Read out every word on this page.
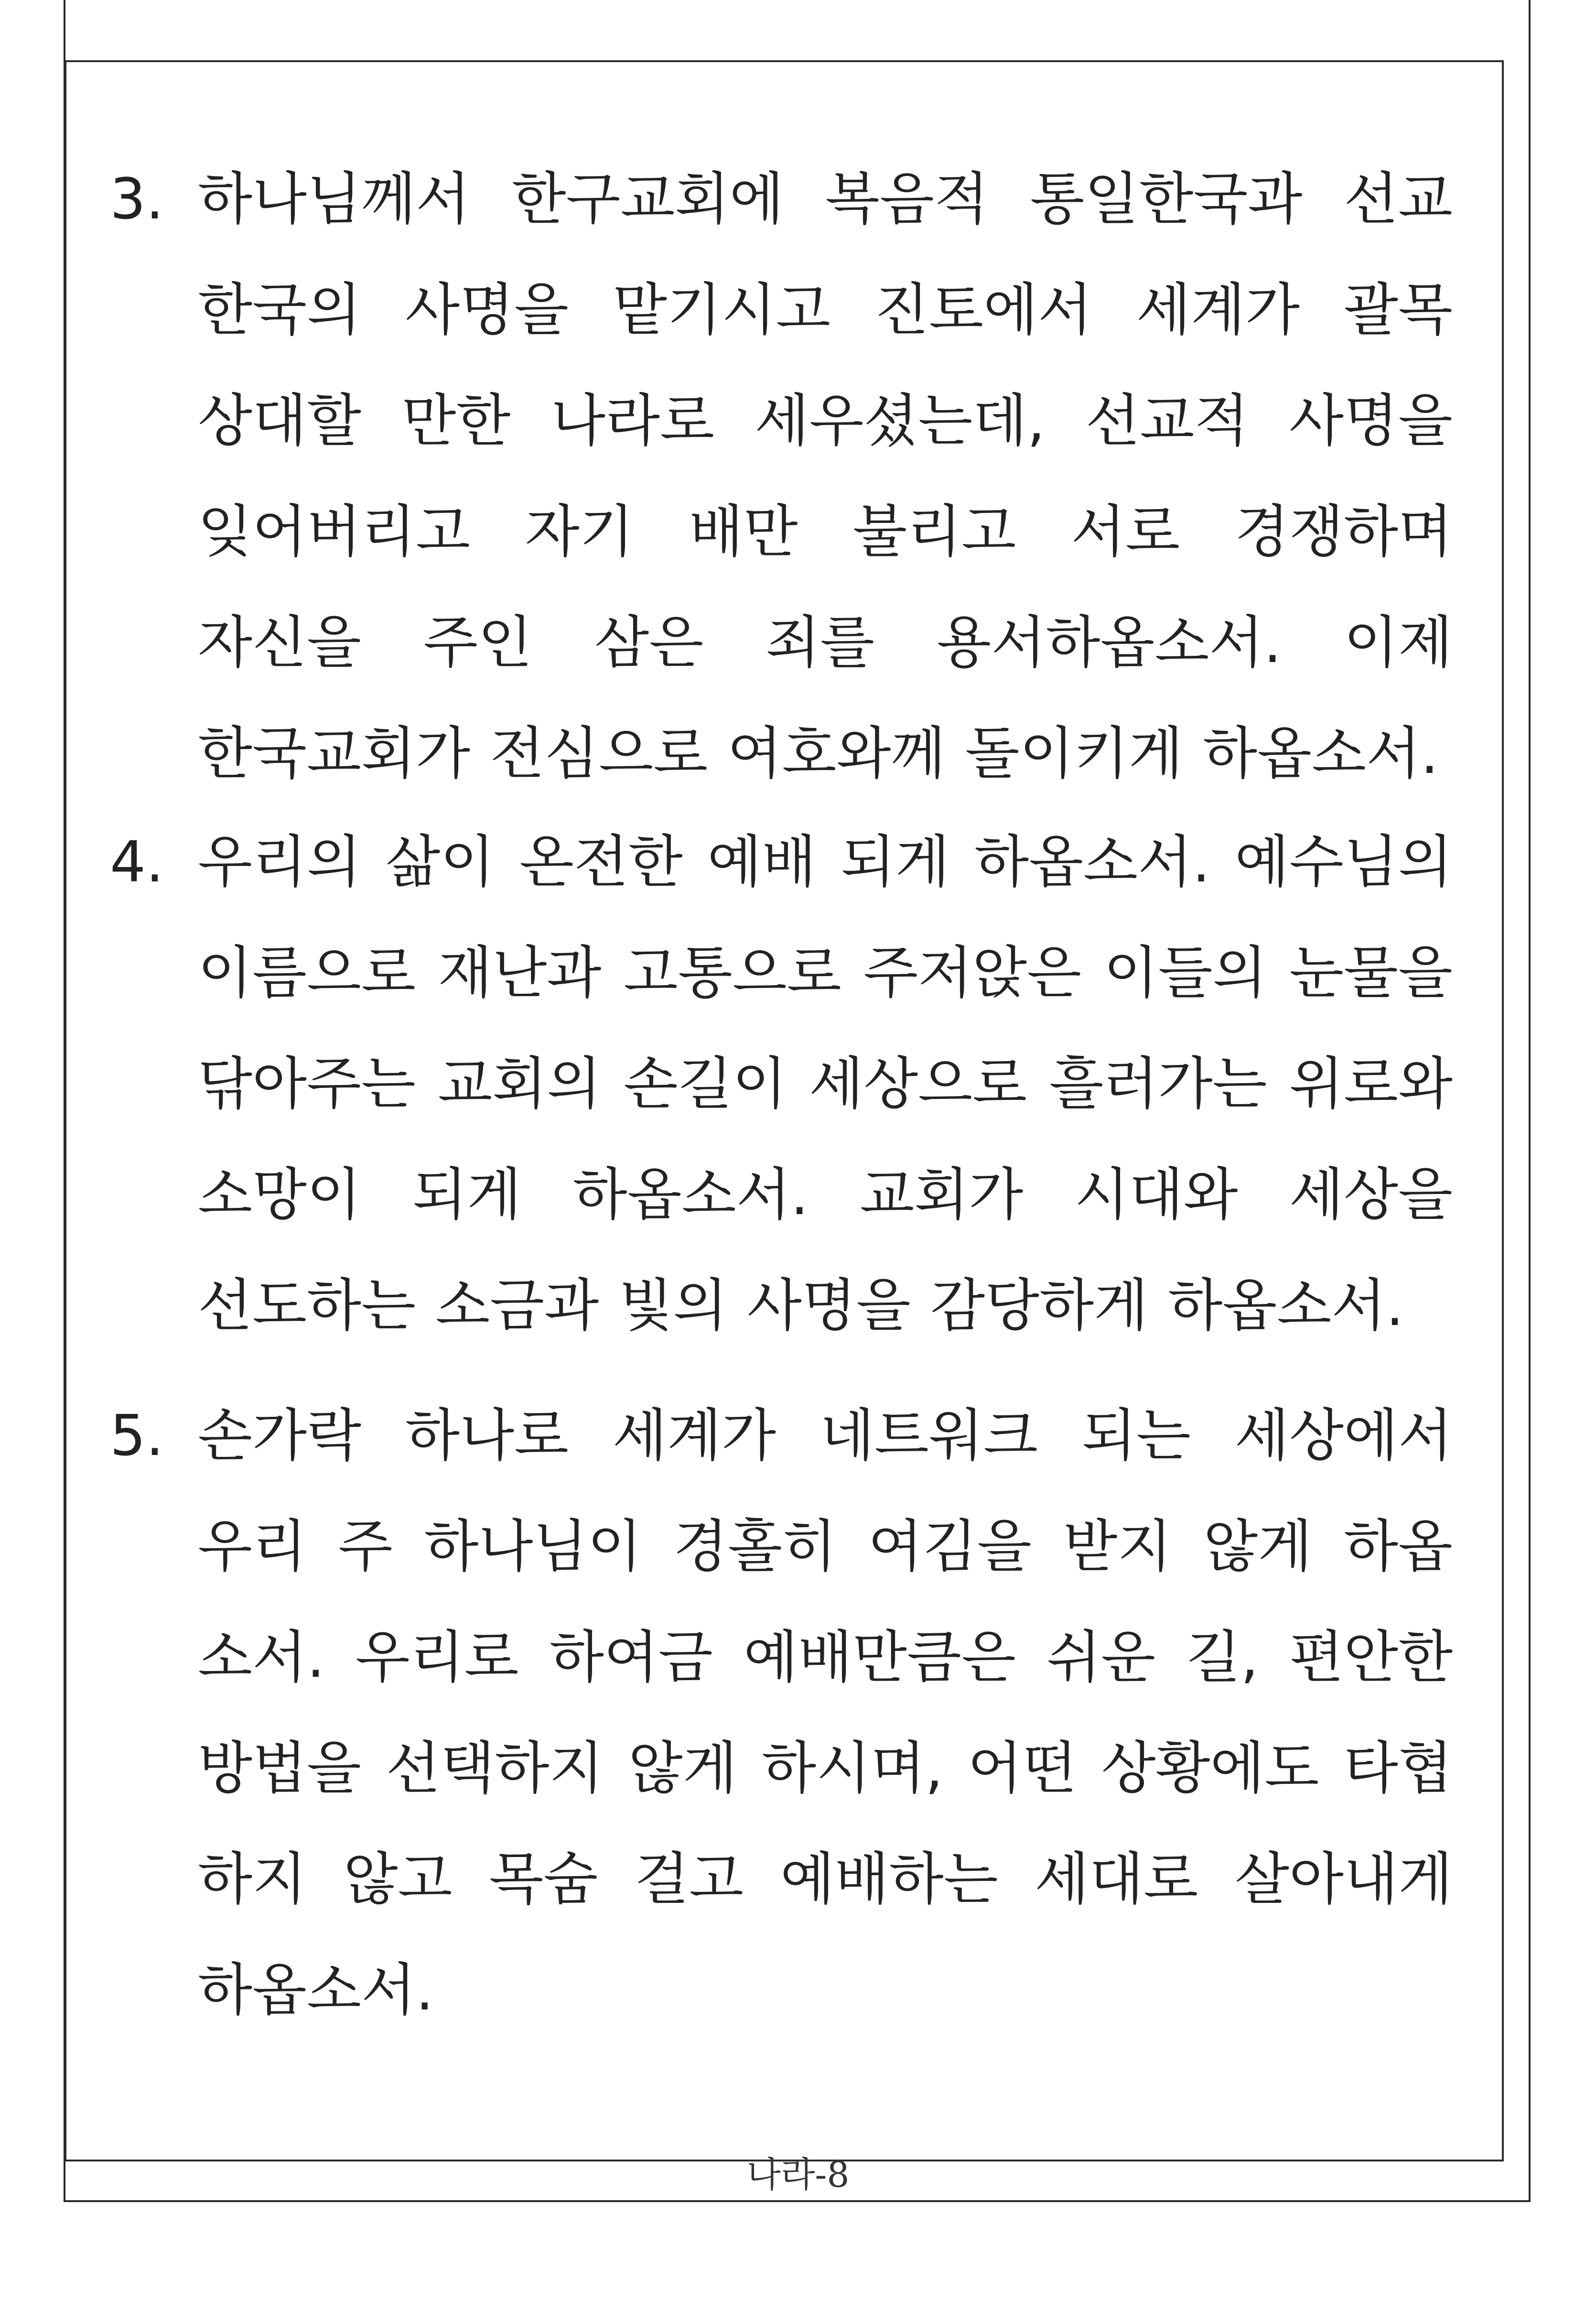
3. 하나님께서 한구교회에 복음적 통일한국과 선교
한국의 사명을 맡기시고 진토에서 세계가 괄목
상대할 만한 나라로 세우셨는데, 선교적 사명을
잊어버리고 자기 배만 불리고 서로 경쟁하며
자신을 주인 삼은 죄를 용서하옵소서. 이제
한국교회가 전심으로 여호와께 돌이키게 하옵소서.
4. 우리의 삶이 온전한 예배 되게 하옵소서. 예수님의
이름으로 재난과 고통으로 주저앉은 이들의 눈물을
닦아주는 교회의 손길이 세상으로 흘러가는 위로와
소망이 되게 하옵소서. 교회가 시대와 세상을
선도하는 소금과 빛의 사명을 감당하게 하옵소서.
5. 손가락 하나로 세계가 네트워크 되는 세상에서
우리 주 하나님이 경홀히 여김을 받지 않게 하옵
소서. 우리로 하여금 예배만큼은 쉬운 길, 편안한
방법을 선택하지 않게 하시며, 어떤 상황에도 타협
하지 않고 목숨 걸고 예배하는 세대로 살아내게
하옵소서.
나라-8
